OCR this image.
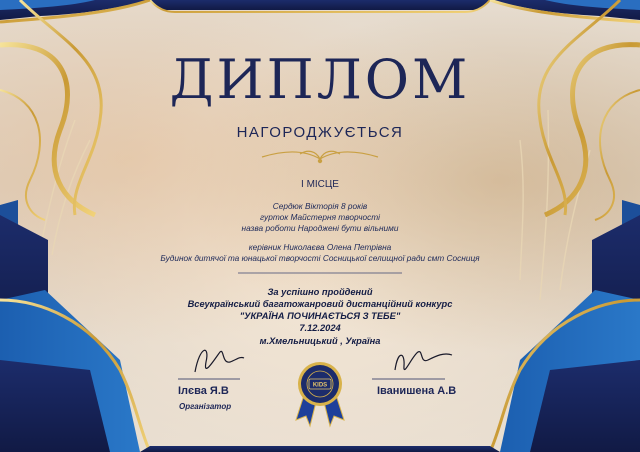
KIDS
ДИПЛОМ
НАГОРОДЖУЄТЬСЯ
І МІСЦЕ
Сердюк Вікторія 8 років
гурток Майстерня творчості
назва роботи Народжені бути вільними
керівник Николаєва Олена Петрівна
Будинок дитячої та юнацької творчості Сосницької селищної ради смт Сосниця
За успішно пройдений
Всеукраїнський багатожанровий дистанційний конкурс
"УКРАЇНА ПОЧИНАЄТЬСЯ З ТЕБЕ"
7.12.2024
м.Хмельницький , Україна
Ілєва Я.В
Організатор
Іванишена А.В
